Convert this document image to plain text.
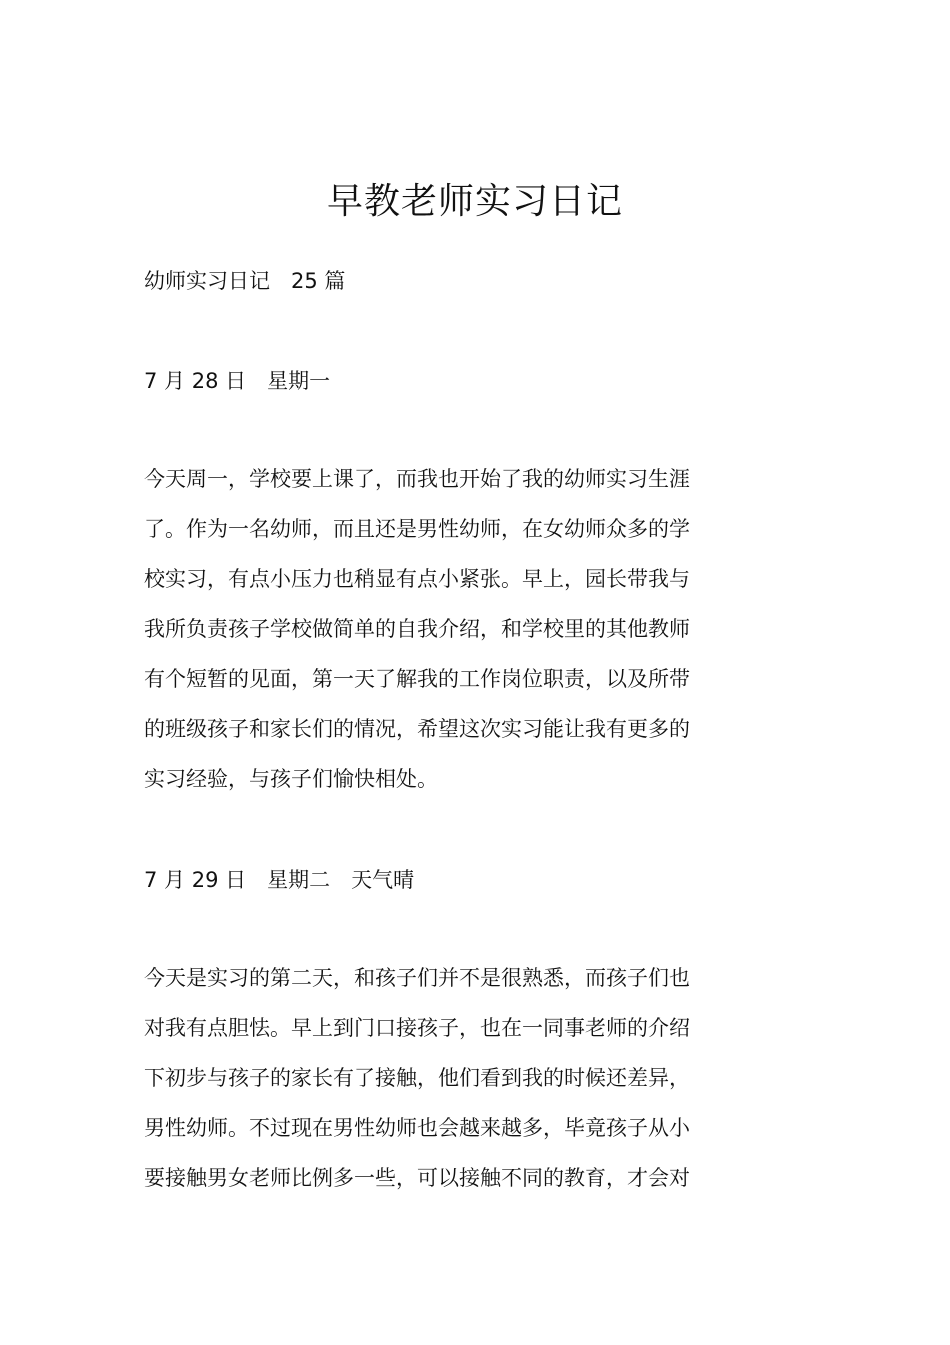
早教老师实习日记

幼师实习日记　25 篇

7 月 28 日　星期一

今天周一，学校要上课了，而我也开始了我的幼师实习生涯
了。作为一名幼师，而且还是男性幼师，在女幼师众多的学
校实习，有点小压力也稍显有点小紧张。早上，园长带我与
我所负责孩子学校做简单的自我介绍，和学校里的其他教师
有个短暂的见面，第一天了解我的工作岗位职责，以及所带
的班级孩子和家长们的情况，希望这次实习能让我有更多的
实习经验，与孩子们愉快相处。

7 月 29 日　星期二　天气晴

今天是实习的第二天，和孩子们并不是很熟悉，而孩子们也
对我有点胆怯。早上到门口接孩子，也在一同事老师的介绍
下初步与孩子的家长有了接触，他们看到我的时候还差异，
男性幼师。不过现在男性幼师也会越来越多，毕竟孩子从小
要接触男女老师比例多一些，可以接触不同的教育，才会对
